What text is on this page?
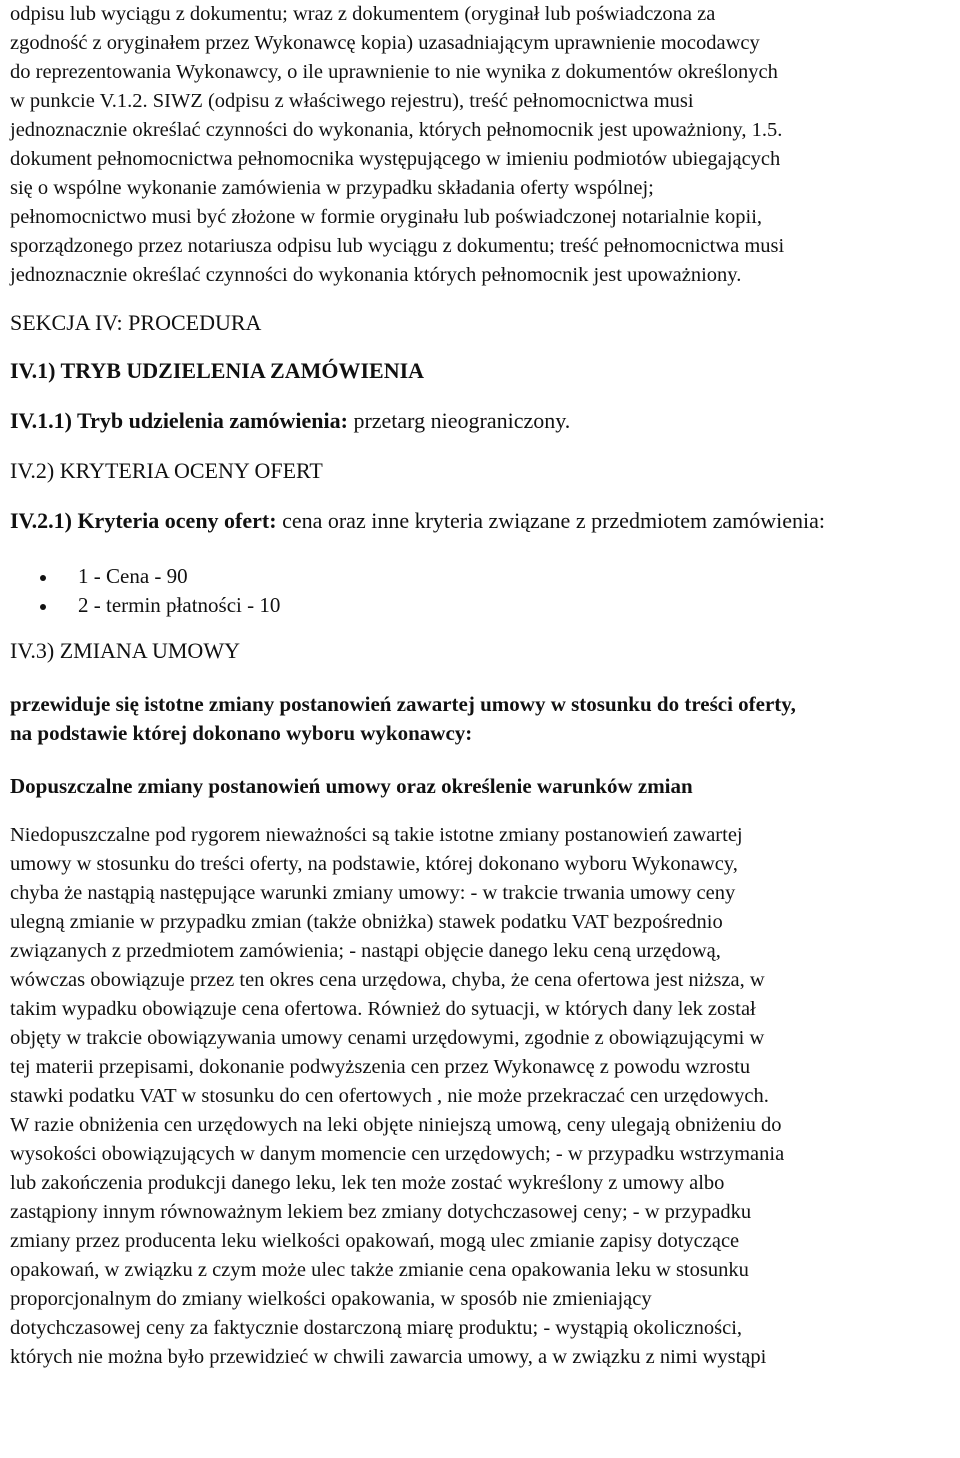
odpisu lub wyciągu z dokumentu; wraz z dokumentem (oryginał lub poświadczona za
zgodność z oryginałem przez Wykonawcę kopia) uzasadniającym uprawnienie mocodawcy
do reprezentowania Wykonawcy, o ile uprawnienie to nie wynika z dokumentów określonych
w punkcie V.1.2. SIWZ (odpisu z właściwego rejestru), treść pełnomocnictwa musi
jednoznacznie określać czynności do wykonania, których pełnomocnik jest upoważniony, 1.5.
dokument pełnomocnictwa pełnomocnika występującego w imieniu podmiotów ubiegających
się o wspólne wykonanie zamówienia w przypadku składania oferty wspólnej;
pełnomocnictwo musi być złożone w formie oryginału lub poświadczonej notarialnie kopii,
sporządzonego przez notariusza odpisu lub wyciągu z dokumentu; treść pełnomocnictwa musi
jednoznacznie określać czynności do wykonania których pełnomocnik jest upoważniony.
SEKCJA IV: PROCEDURA
IV.1) TRYB UDZIELENIA ZAMÓWIENIA

IV.1.1) Tryb udzielenia zamówienia: przetarg nieograniczony.

IV.2) KRYTERIA OCENY OFERT

IV.2.1) Kryteria oceny ofert: cena oraz inne kryteria związane z przedmiotem zamówienia:

1 - Cena - 90
2 - termin płatności - 10
IV.3) ZMIANA UMOWY
przewiduje się istotne zmiany postanowień zawartej umowy w stosunku do treści oferty,
na podstawie której dokonano wyboru wykonawcy:
Dopuszczalne zmiany postanowień umowy oraz określenie warunków zmian
Niedopuszczalne pod rygorem nieważności są takie istotne zmiany postanowień zawartej
umowy w stosunku do treści oferty, na podstawie, której dokonano wyboru Wykonawcy,
chyba że nastąpią następujące warunki zmiany umowy: - w trakcie trwania umowy ceny
ulegną zmianie w przypadku zmian (także obniżka) stawek podatku VAT bezpośrednio
związanych z przedmiotem zamówienia; - nastąpi objęcie danego leku ceną urzędową,
wówczas obowiązuje przez ten okres cena urzędowa, chyba, że cena ofertowa jest niższa, w
takim wypadku obowiązuje cena ofertowa. Również do sytuacji, w których dany lek został
objęty w trakcie obowiązywania umowy cenami urzędowymi, zgodnie z obowiązującymi w
tej materii przepisami, dokonanie podwyższenia cen przez Wykonawcę z powodu wzrostu
stawki podatku VAT w stosunku do cen ofertowych , nie może przekraczać cen urzędowych.
W razie obniżenia cen urzędowych na leki objęte niniejszą umową, ceny ulegają obniżeniu do
wysokości obowiązujących w danym momencie cen urzędowych; - w przypadku wstrzymania
lub zakończenia produkcji danego leku, lek ten może zostać wykreślony z umowy albo
zastąpiony innym równoważnym lekiem bez zmiany dotychczasowej ceny; - w przypadku
zmiany przez producenta leku wielkości opakowań, mogą ulec zmianie zapisy dotyczące
opakowań, w związku z czym może ulec także zmianie cena opakowania leku w stosunku
proporcjonalnym do zmiany wielkości opakowania, w sposób nie zmieniający
dotychczasowej ceny za faktycznie dostarczoną miarę produktu; - wystąpią okoliczności,
których nie można było przewidzieć w chwili zawarcia umowy, a w związku z nimi wystąpi
